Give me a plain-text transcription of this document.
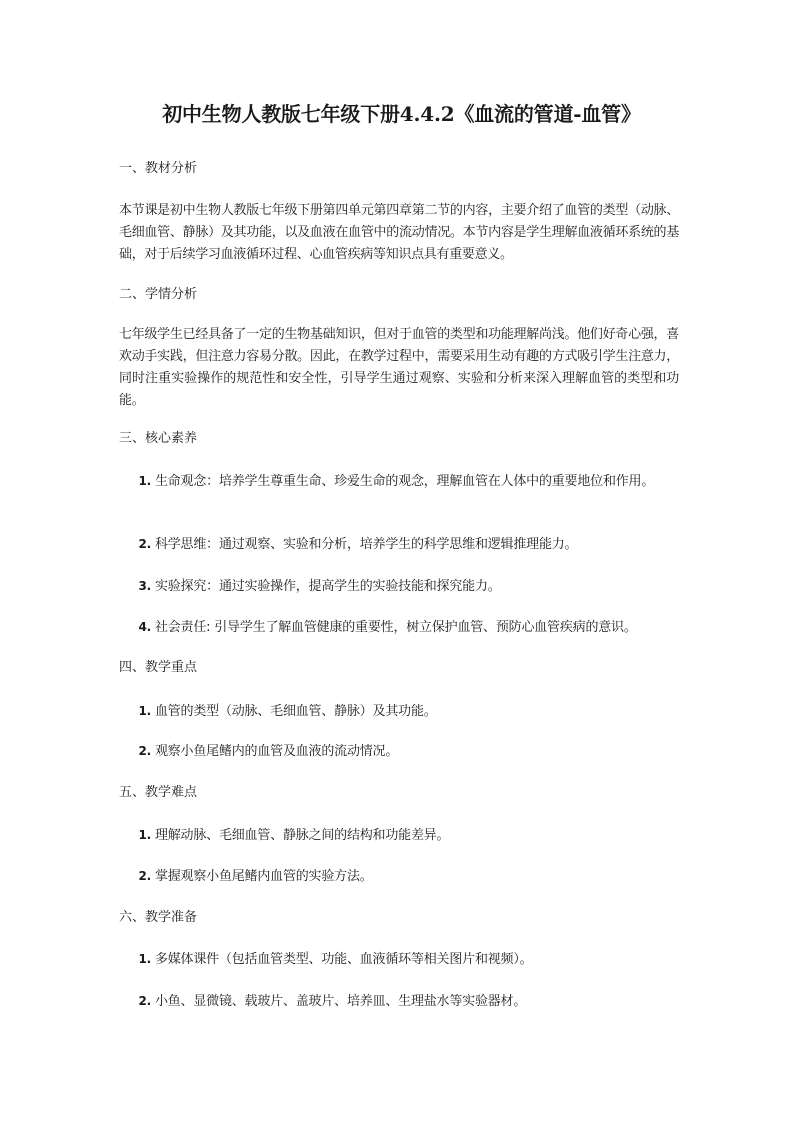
初中生物人教版七年级下册4.4.2《血流的管道-血管》
一、教材分析
本节课是初中生物人教版七年级下册第四单元第四章第二节的内容，主要介绍了血管的类型（动脉、毛细血管、静脉）及其功能，以及血液在血管中的流动情况。本节内容是学生理解血液循环系统的基础，对于后续学习血液循环过程、心血管疾病等知识点具有重要意义。
二、学情分析
七年级学生已经具备了一定的生物基础知识，但对于血管的类型和功能理解尚浅。他们好奇心强，喜欢动手实践，但注意力容易分散。因此，在教学过程中，需要采用生动有趣的方式吸引学生注意力，同时注重实验操作的规范性和安全性，引导学生通过观察、实验和分析来深入理解血管的类型和功能。
三、核心素养
1. 生命观念：培养学生尊重生命、珍爱生命的观念，理解血管在人体中的重要地位和作用。
2. 科学思维：通过观察、实验和分析，培养学生的科学思维和逻辑推理能力。
3. 实验探究：通过实验操作，提高学生的实验技能和探究能力。
4. 社会责任: 引导学生了解血管健康的重要性，树立保护血管、预防心血管疾病的意识。
四、教学重点
1. 血管的类型（动脉、毛细血管、静脉）及其功能。
2. 观察小鱼尾鳍内的血管及血液的流动情况。
五、教学难点
1. 理解动脉、毛细血管、静脉之间的结构和功能差异。
2. 掌握观察小鱼尾鳍内血管的实验方法。
六、教学准备
1. 多媒体课件（包括血管类型、功能、血液循环等相关图片和视频）。
2. 小鱼、显微镜、载玻片、盖玻片、培养皿、生理盐水等实验器材。
